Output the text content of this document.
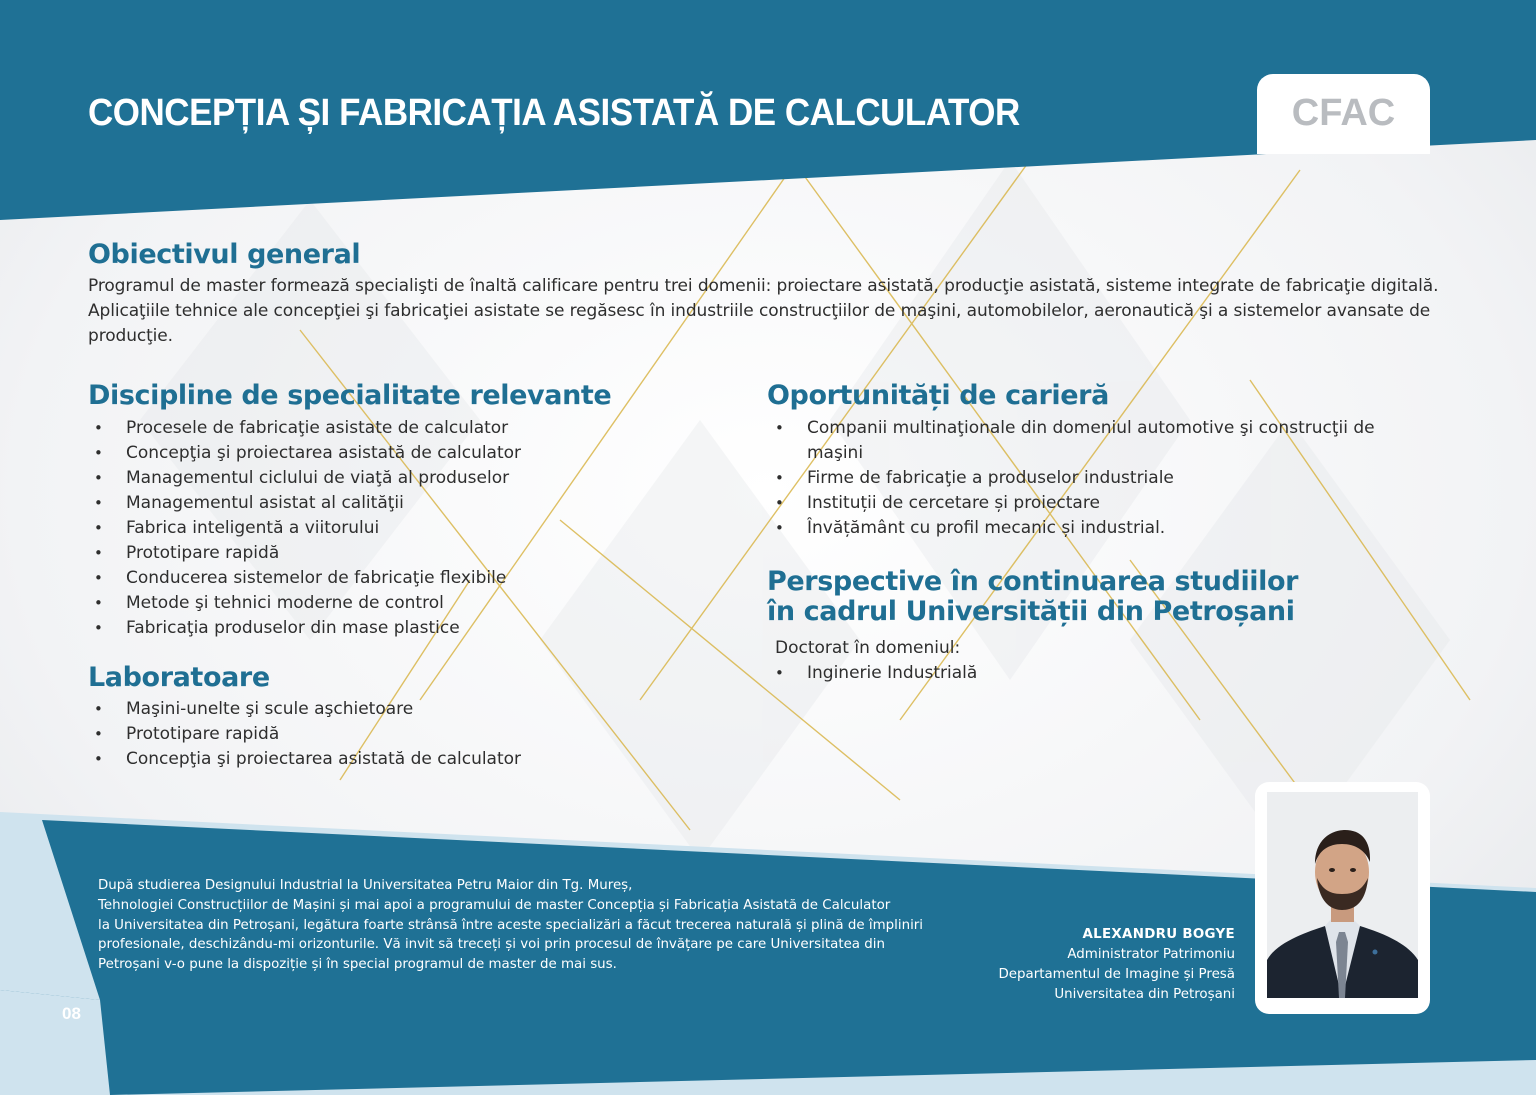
CONCEPȚIA ȘI FABRICAȚIA ASISTATĂ DE CALCULATOR	CFAC
Obiectivul general

Programul de master formează specialişti de înaltă calificare pentru trei domenii: proiectare asistată, producţie asistată, sisteme integrate de fabricaţie digitală. Aplicaţiile tehnice ale concepţiei şi fabricaţiei asistate se regăsesc în industriile construcţiilor de maşini, automobilelor, aeronautică şi a sistemelor avansate de producţie.

Discipline de specialitate relevante
• Procesele de fabricaţie asistate de calculator
• Concepţia şi proiectarea asistată de calculator
• Managementul ciclului de viaţă al produselor
• Managementul asistat al calităţii
• Fabrica inteligentă a viitorului
• Prototipare rapidă
• Conducerea sistemelor de fabricaţie flexibile
• Metode şi tehnici moderne de control
• Fabricaţia produselor din mase plastice
Laboratoare
• Maşini-unelte şi scule aşchietoare
• Prototipare rapidă
• Concepţia şi proiectarea asistată de calculator
Oportunități de carieră
• Companii multinaţionale din domeniul automotive şi construcţii de maşini
• Firme de fabricaţie a produselor industriale
• Instituții de cercetare și proiectare
• Învățământ cu profil mecanic și industrial.
Perspective în continuarea studiilor
în cadrul Universității din Petroșani

Doctorat în domeniul:

• Inginerie Industrială
După studierea Designului Industrial la Universitatea Petru Maior din Tg. Mureș,
Tehnologiei Construcțiilor de Mașini și mai apoi a programului de master Concepția și Fabricația Asistată de Calculator
la Universitatea din Petroșani, legătura foarte strânsă între aceste specializări a făcut trecerea naturală și plină de împliniri
profesionale, deschizându-mi orizonturile. Vă invit să treceți și voi prin procesul de învățare pe care Universitatea din
Petroșani v-o pune la dispoziție și în special programul de master de mai sus.
ALEXANDRU BOGYE
Administrator Patrimoniu
Departamentul de Imagine și Presă
Universitatea din Petroșani
08
